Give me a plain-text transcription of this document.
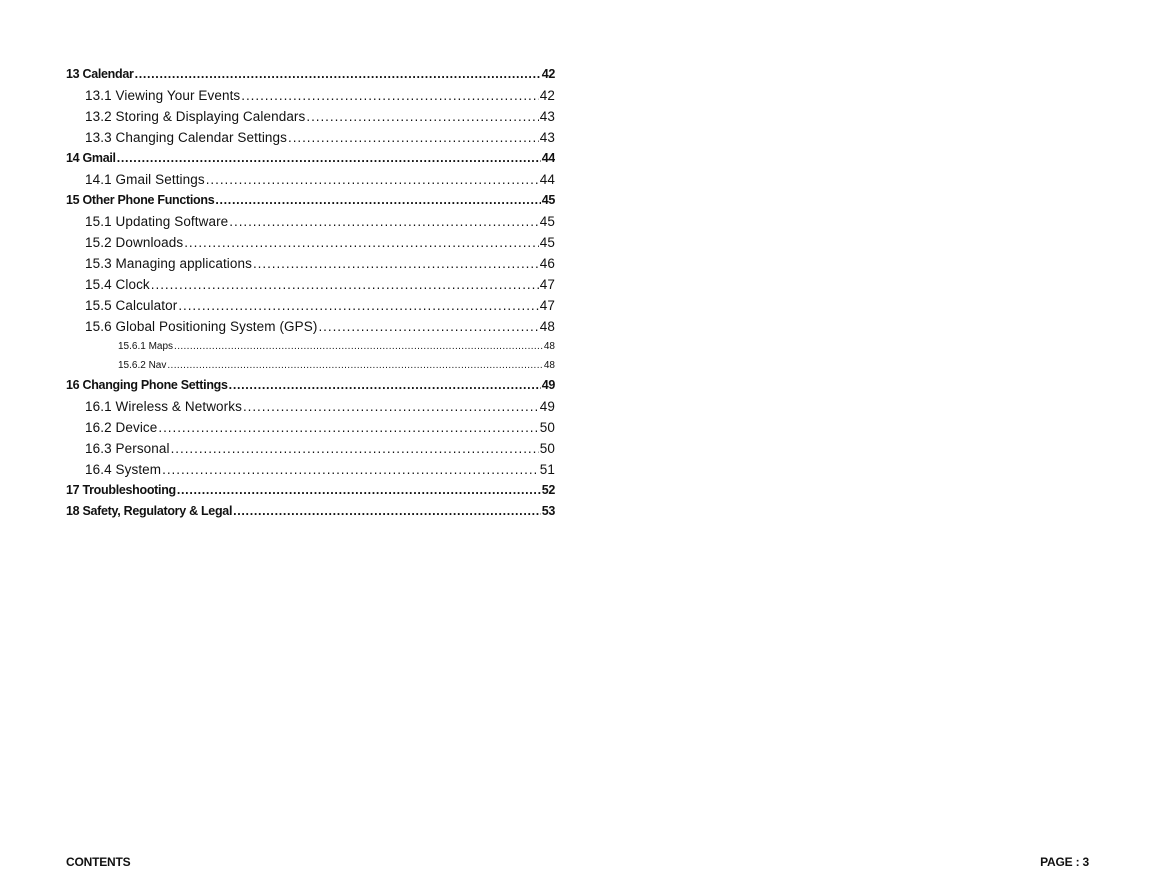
13 Calendar . . .	42
13.1 Viewing Your Events . . .	42
13.2 Storing & Displaying Calendars . . .	43
13.3 Changing Calendar Settings . . .	43
14 Gmail . . .	44
14.1 Gmail Settings . . .	44
15 Other Phone Functions . . .	45
15.1 Updating Software . . .	45
15.2 Downloads . . .	45
15.3 Managing applications . . .	46
15.4 Clock . . .	47
15.5 Calculator . . .	47
15.6 Global Positioning System (GPS) . . .	48
15.6.1 Maps . . .	48
15.6.2 Nav . . .	48
16 Changing Phone Settings . . .	49
16.1 Wireless & Networks . . .	49
16.2 Device . . .	50
16.3 Personal . . .	50
16.4 System . . .	51
17 Troubleshooting . . .	52
18 Safety, Regulatory & Legal . . .	53
CONTENTS	PAGE : 3
